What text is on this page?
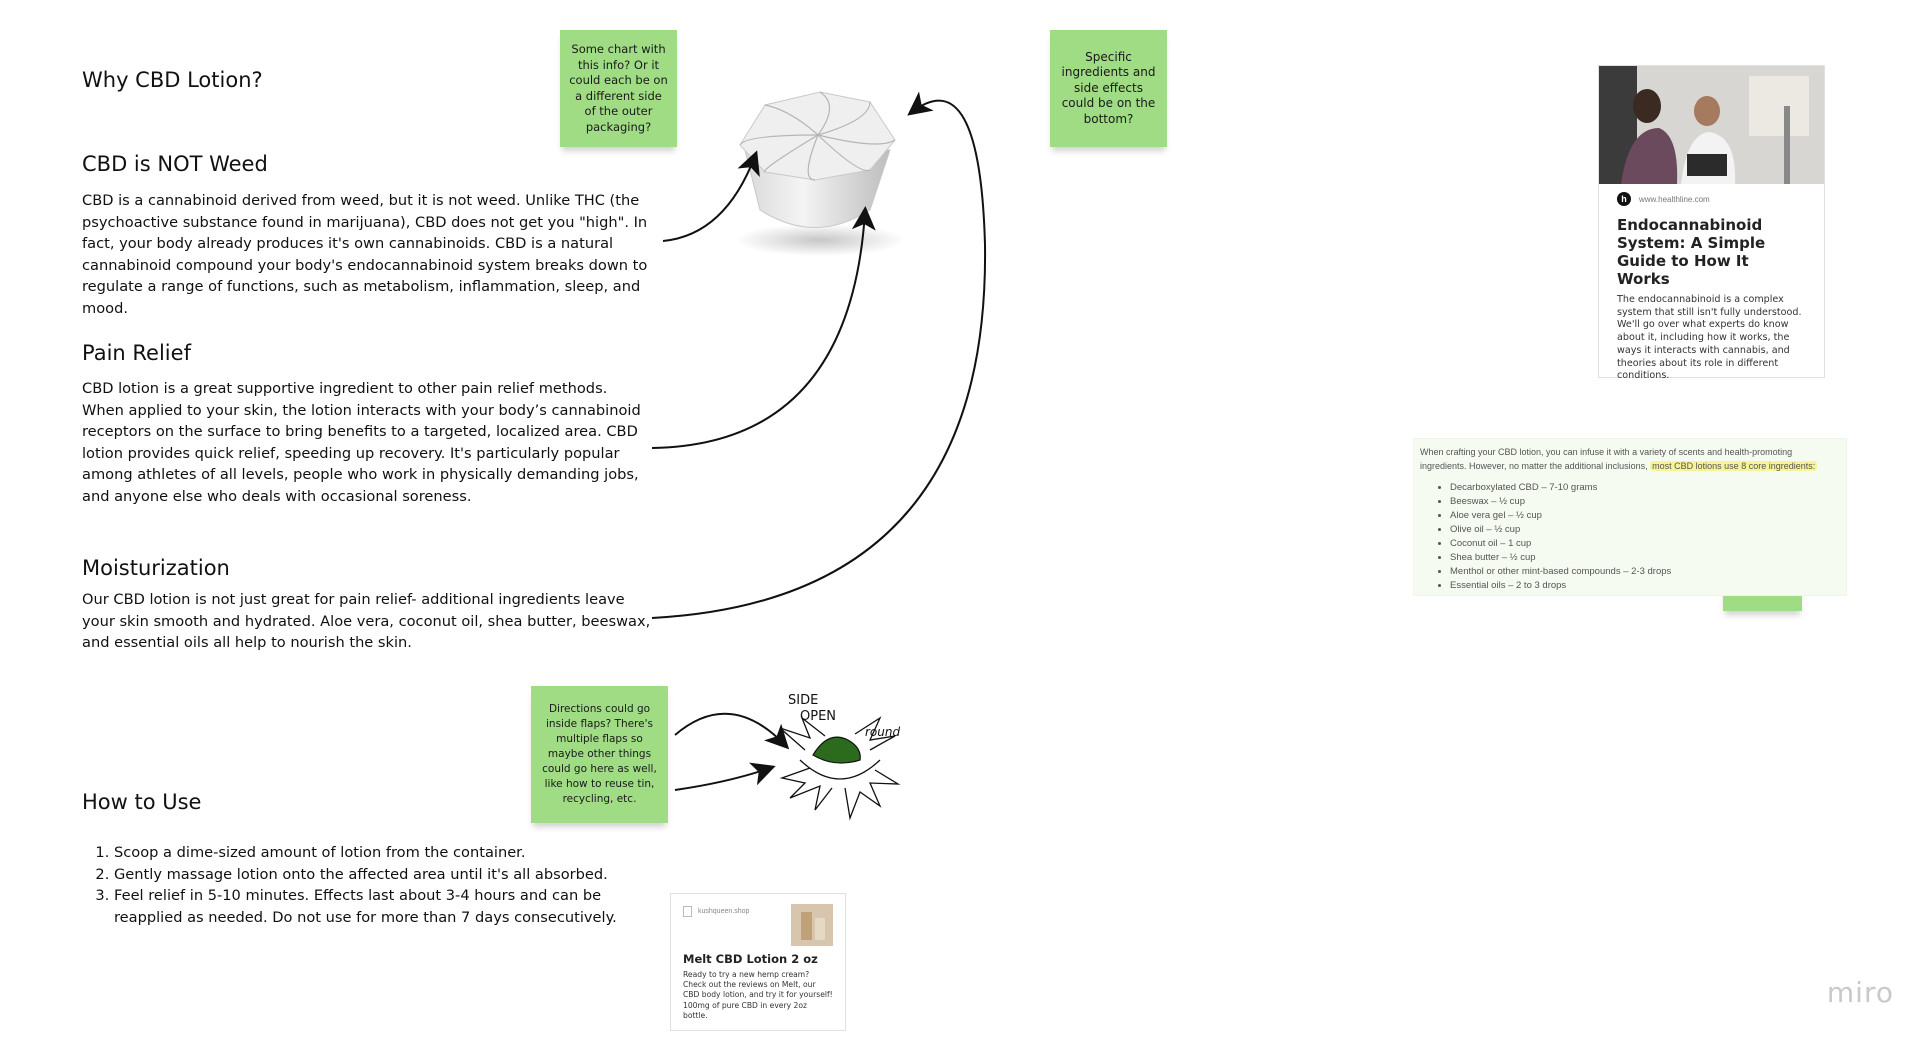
Why CBD Lotion?
CBD is NOT Weed

CBD is a cannabinoid derived from weed, but it is not weed. Unlike THC (the psychoactive substance found in marijuana), CBD does not get you "high". In fact, your body already produces it's own cannabinoids. CBD is a natural cannabinoid compound your body's endocannabinoid system breaks down to regulate a range of functions, such as metabolism, inflammation, sleep, and mood.

Pain Relief

CBD lotion is a great supportive ingredient to other pain relief methods. When applied to your skin, the lotion interacts with your body’s cannabinoid receptors on the surface to bring benefits to a targeted, localized area. CBD lotion provides quick relief, speeding up recovery. It's particularly popular among athletes of all levels, people who work in physically demanding jobs, and anyone else who deals with occasional soreness.

Moisturization

Our CBD lotion is not just great for pain relief- additional ingredients leave your skin smooth and hydrated. Aloe vera, coconut oil, shea butter, beeswax, and essential oils all help to nourish the skin.

How to Use
1. Scoop a dime-sized amount of lotion from the container.
2. Gently massage lotion onto the affected area until it's all absorbed.
3. Feel relief in 5-10 minutes. Effects last about 3-4 hours and can be reapplied as needed. Do not use for more than 7 days consecutively.
Some chart with this info? Or it could each be on a different side of the outer packaging?
Specific ingredients and side effects could be on the bottom?
Directions could go inside flaps? There's multiple flaps so maybe other things could go here as well, like how to reuse tin, recycling, etc.
SIDE
OPEN
round
h	www.healthline.com
Endocannabinoid System: A Simple Guide to How It Works
The endocannabinoid is a complex system that still isn't fully understood. We'll go over what experts do know about it, including how it works, the ways it interacts with cannabis, and theories about its role in different conditions.
When crafting your CBD lotion, you can infuse it with a variety of scents and health-promoting ingredients. However, no matter the additional inclusions, most CBD lotions use 8 core ingredients:
• Decarboxylated CBD – 7-10 grams
• Beeswax – ½ cup
• Aloe vera gel – ½ cup
• Olive oil – ½ cup
• Coconut oil – 1 cup
• Shea butter – ½ cup
• Menthol or other mint-based compounds – 2-3 drops
• Essential oils – 2 to 3 drops
kushqueen.shop
Melt CBD Lotion 2 oz
Ready to try a new hemp cream? Check out the reviews on Melt, our CBD body lotion, and try it for yourself! 100mg of pure CBD in every 2oz bottle.
miro
